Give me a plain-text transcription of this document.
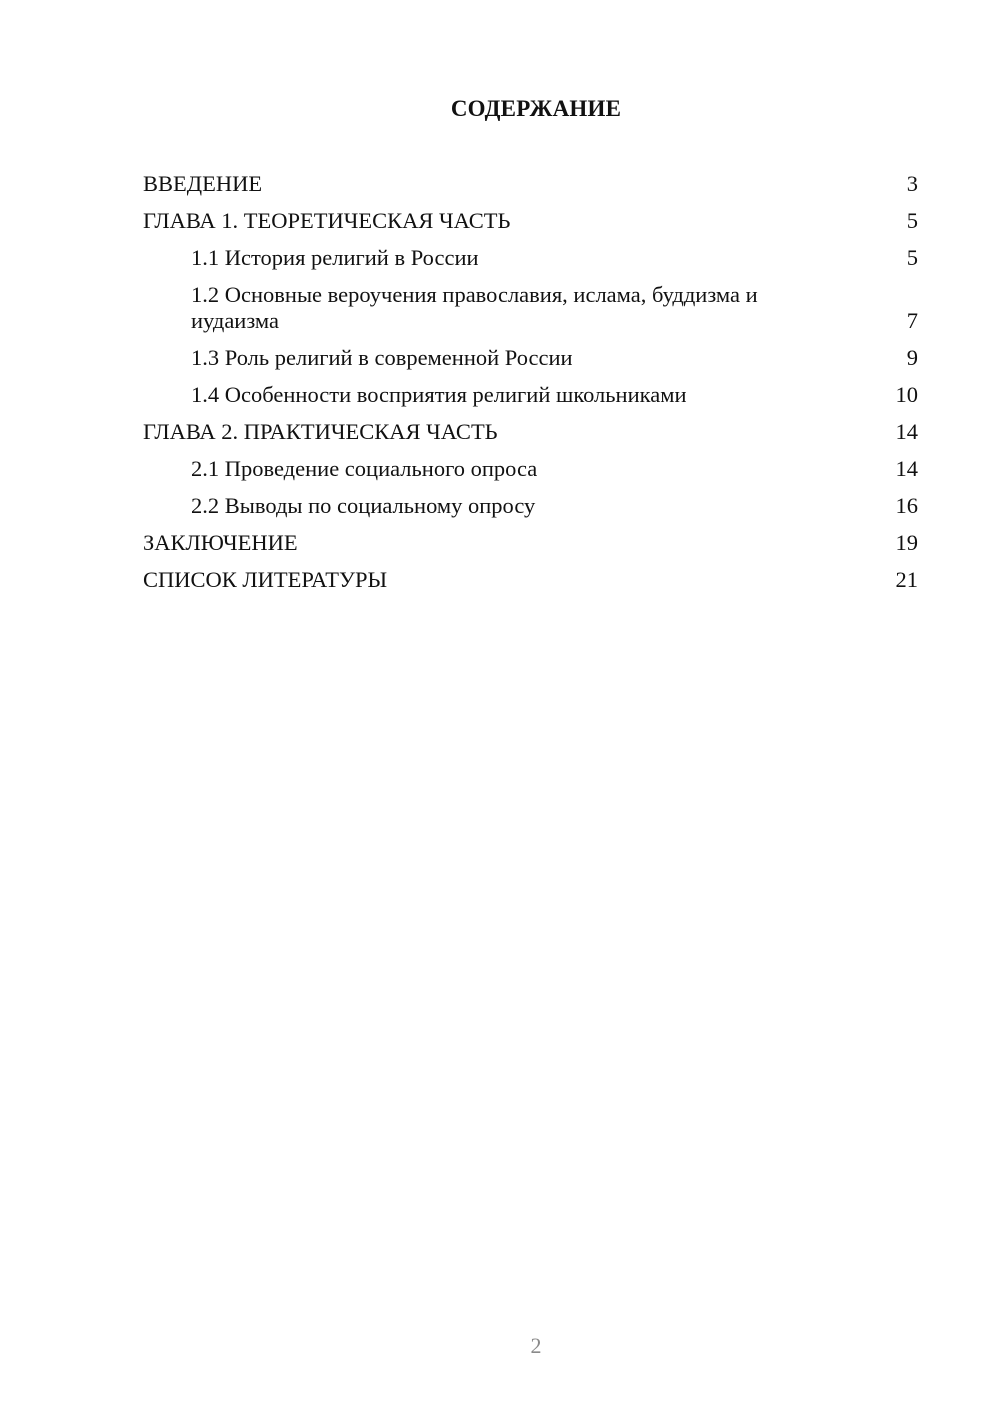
СОДЕРЖАНИЕ
ВВЕДЕНИЕ	3
ГЛАВА 1. ТЕОРЕТИЧЕСКАЯ ЧАСТЬ	5
1.1 История религий в России	5
1.2 Основные вероучения православия, ислама, буддизма и иудаизма	7
1.3 Роль религий в современной России	9
1.4 Особенности восприятия религий школьниками	10
ГЛАВА 2. ПРАКТИЧЕСКАЯ ЧАСТЬ	14
2.1 Проведение социального опроса	14
2.2 Выводы по социальному опросу	16
ЗАКЛЮЧЕНИЕ	19
СПИСОК ЛИТЕРАТУРЫ	21
2
